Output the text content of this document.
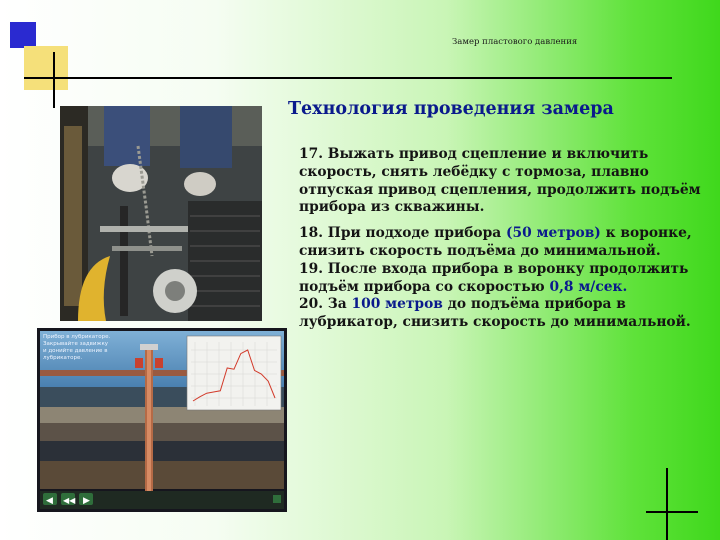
Замер пластового давления
Технология проведения замера
◀ ◀◀ ▶
Прибор в лубрикаторе. Закрывайте задвижку и донийте давление в лубрикаторе.

17. Выжать привод сцепление и включить скорость, снять лебёдку с тормоза, плавно отпуская привод сцепления, продолжить подъём прибора из скважины.

18. При подходе прибора (50 метров) к воронке, снизить скорость подъёма до минимальной.

19. После входа прибора в воронку продолжить подъём прибора со скоростью 0,8 м/сек.

20. За 100 метров до подъёма прибора в лубрикатор, снизить скорость до минимальной.
